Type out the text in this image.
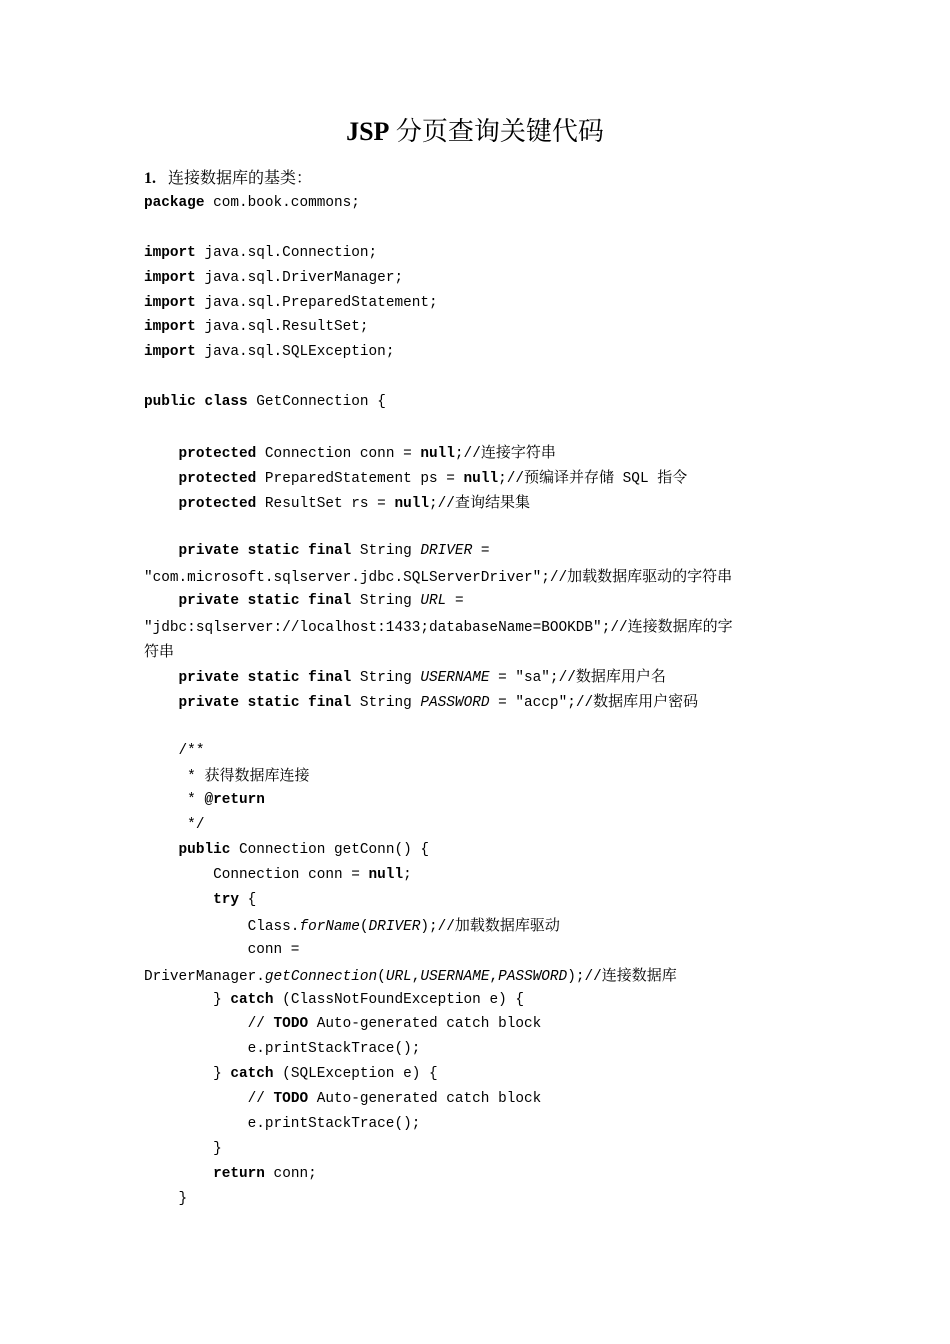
JSP 分页查询关键代码
1. 连接数据库的基类：
package com.book.commons;

import java.sql.Connection;
import java.sql.DriverManager;
import java.sql.PreparedStatement;
import java.sql.ResultSet;
import java.sql.SQLException;

public class GetConnection {

protected Connection conn = null;//连接字符串
protected PreparedStatement ps = null;//预编译并存储 SQL 指令
protected ResultSet rs = null;//查询结果集

private static final String DRIVER =
"com.microsoft.sqlserver.jdbc.SQLServerDriver";//加载数据库驱动的字符串
private static final String URL =
"jdbc:sqlserver://localhost:1433;databaseName=BOOKDB";//连接数据库的字
符串
private static final String USERNAME = "sa";//数据库用户名
private static final String PASSWORD = "accp";//数据库用户密码

/**
* 获得数据库连接
* @return
*/
public Connection getConn() {
Connection conn = null;
try {
Class.forName(DRIVER);//加载数据库驱动
conn =
DriverManager.getConnection(URL,USERNAME,PASSWORD);//连接数据库
} catch (ClassNotFoundException e) {
// TODO Auto-generated catch block
e.printStackTrace();
} catch (SQLException e) {
// TODO Auto-generated catch block
e.printStackTrace();
}
return conn;
}
